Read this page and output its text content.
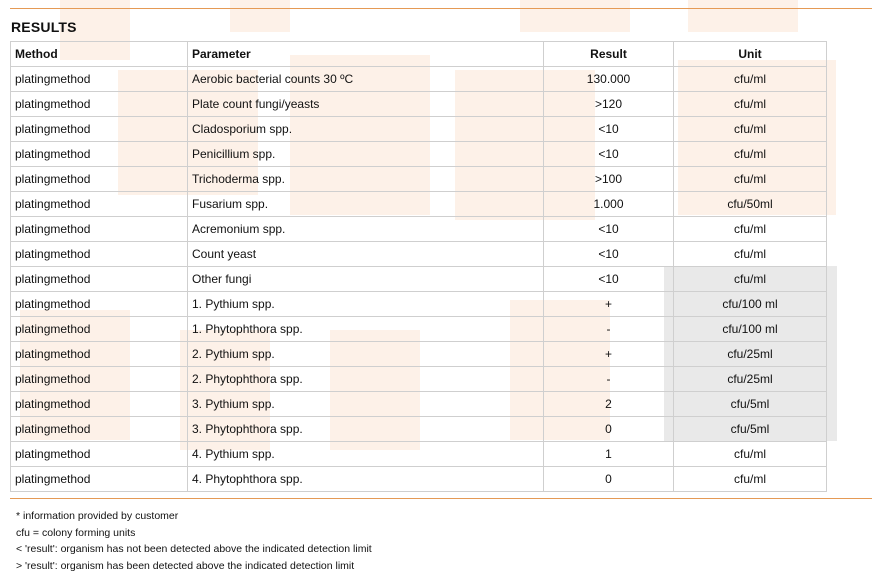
RESULTS
Method	Parameter	Result	Unit
platingmethod	Aerobic bacterial counts 30 ºC	130.000	cfu/ml
platingmethod	Plate count fungi/yeasts	>120	cfu/ml
platingmethod	Cladosporium spp.	<10	cfu/ml
platingmethod	Penicillium spp.	<10	cfu/ml
platingmethod	Trichoderma spp.	>100	cfu/ml
platingmethod	Fusarium spp.	1.000	cfu/50ml
platingmethod	Acremonium spp.	<10	cfu/ml
platingmethod	Count yeast	<10	cfu/ml
platingmethod	Other fungi	<10	cfu/ml
platingmethod	1. Pythium spp.	+	cfu/100 ml
platingmethod	1. Phytophthora spp.	-	cfu/100 ml
platingmethod	2. Pythium spp.	+	cfu/25ml
platingmethod	2. Phytophthora spp.	-	cfu/25ml
platingmethod	3. Pythium spp.	2	cfu/5ml
platingmethod	3. Phytophthora spp.	0	cfu/5ml
platingmethod	4. Pythium spp.	1	cfu/ml
platingmethod	4. Phytophthora spp.	0	cfu/ml
* information provided by customer
cfu = colony forming units
< 'result': organism has not been detected above the indicated detection limit
> 'result': organism has been detected above the indicated detection limit
